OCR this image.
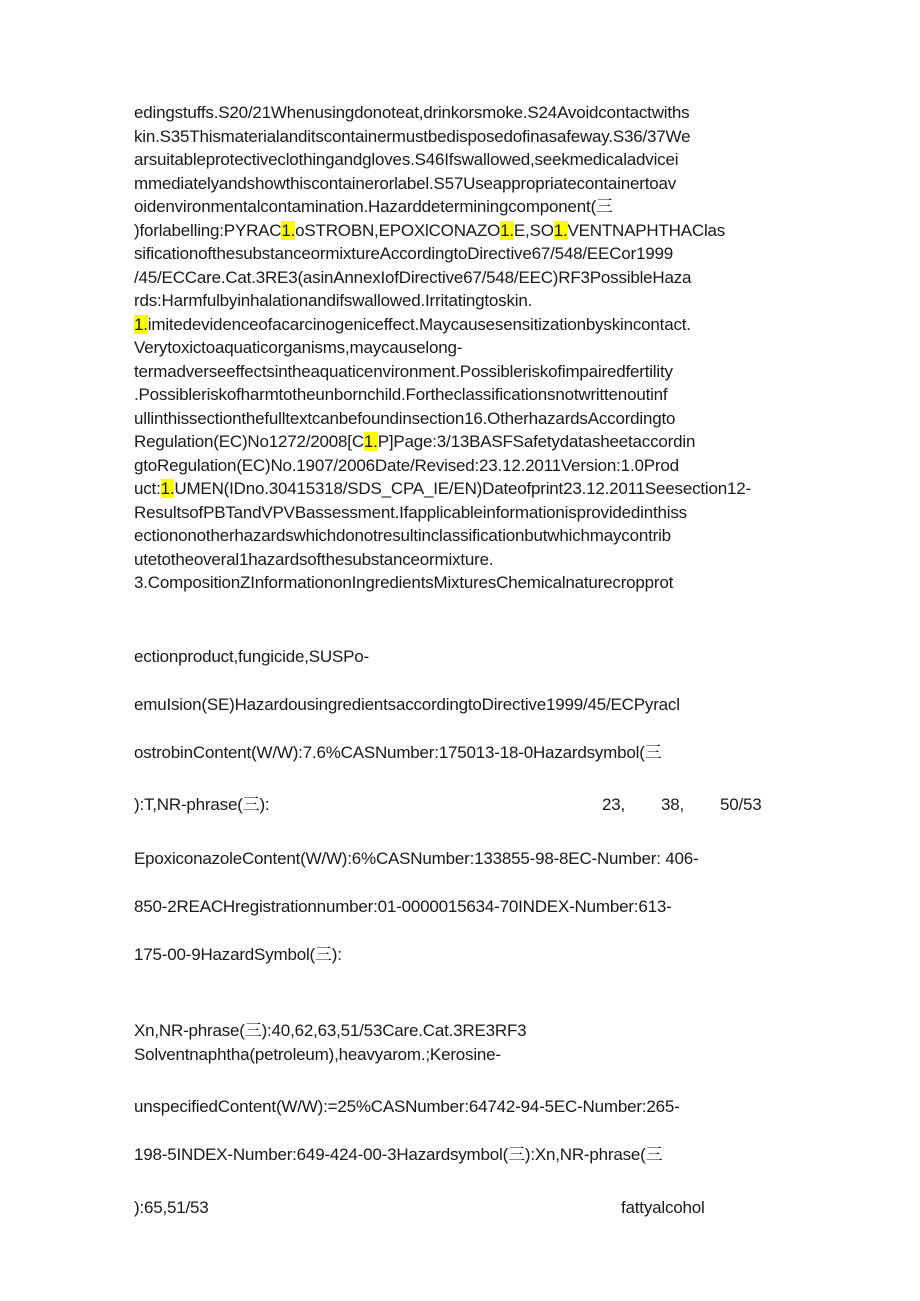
edingstuffs.S20/21Whenusingdonoteat,drinkorsmoke.S24Avoidcontactwithskin.S35Thismaterialanditscontainermustbedisposedofinasafeway.S36/37Wearsuitableprotectiveclothingandgloves.S46Ifswallowed,seekmedicaladviceimmediatelyandshowthiscontainerorlabel.S57Useappropriatecontainertoavoidenvironmentalcontamination.Hazarddeterminingcomponent(三)forlabelling:PYRAC1.oSTROBN,EPOXlCONAZO1.E,SO1.VENTNAPHTHAClassificationofthesubstanceormixtureAccordingtoDirective67/548/EECor1999/45/ECCare.Cat.3RE3(asinAnnexIofDirective67/548/EEC)RF3PossibleHazards:Harmfulbyinhalationandifswallowed.Irritatingtoskin.1.imitedevidenceofacarcinogeniceffect.Maycausesensitizationbyskincontact.Verytoxictoaquaticorganisms,maycauselong-termadverseeffectsintheaquaticenvironment.Possibleriskofimpairedfertility.Possibleriskofharmtotheunbornchild.Fortheclassificationsnotwrittenoutinfullinthissectionthefulltextcanbefoundinsection16.OtherhazardsAccordingtoRegulation(EC)No1272/2008[C1.P]Page:3/13BASFSafetydatasheetaccordingtoRegulation(EC)No.1907/2006Date/Revised:23.12.2011Version:1.0Product:1.UMEN(IDno.30415318/SDS_CPA_IE/EN)Dateofprint23.12.2011Seesection12-ResultsofPBTandVPVBassessment.Ifapplicableinformationisprovidedinthissectiononotherhazardswhichdonotresultinclassificationbutwhichmaycontributetotheoveral1hazardsofthesubstanceormixture.3.CompositionZInformationonIngredientsMixturesChemicalnaturecropprot
ectionproduct,fungicide,SUSPo-
emuIsion(SE)HazardousingredientsaccordingtoDirective1999/45/ECPyracl
ostrobinContent(W/W):7.6%CASNumber:175013-18-0Hazardsymbol(三
):T,NR-phrase(三):	23, 38, 50/53
EpoxiconazoleContent(W/W):6%CASNumber:133855-98-8EC-Number: 406-
850-2REACHregistrationnumber:01-0000015634-70INDEX-Number:613-
175-00-9HazardSymbol(三):
Xn,NR-phrase(三):40,62,63,51/53Care.Cat.3RE3RF3
Solventnaphtha(petroleum),heavyarom.;Kerosine-
unspecifiedContent(W/W):=25%CASNumber:64742-94-5EC-Number:265-
198-5INDEX-Number:649-424-00-3Hazardsymbol(三):Xn,NR-phrase(三
):65,51/53	fattyalcohol
